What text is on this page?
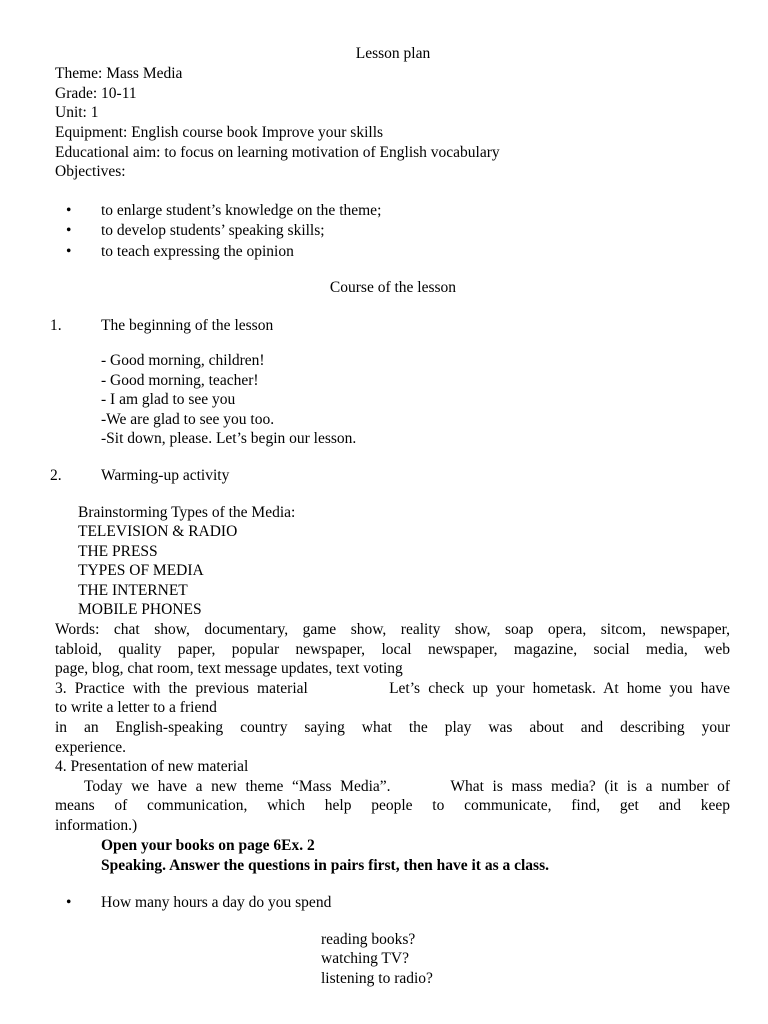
Lesson plan
Theme: Mass Media
Grade: 10-11
Unit: 1
Equipment: English course book Improve your skills
Educational aim: to focus on learning motivation of English vocabulary
Objectives:
• to enlarge student’s knowledge on the theme;
• to develop students’ speaking skills;
• to teach expressing the opinion
Course of the lesson
1.	The beginning of the lesson
- Good morning, children!
- Good morning, teacher!
- I am glad to see you
-We are glad to see you too.
-Sit down, please. Let’s begin our lesson.
2.	Warming-up activity
Brainstorming Types of the Media:
TELEVISION & RADIO
THE PRESS
TYPES OF MEDIA
THE INTERNET
MOBILE PHONES
Words: chat show, documentary, game show, reality show, soap opera, sitcom, newspaper,
tabloid, quality paper, popular newspaper, local newspaper, magazine, social media, web
page, blog, chat room, text message updates, text voting
3. Practice with the previous material          Let’s check up your hometask. At home you have
to write a letter to a friend
in an English-speaking country saying what the play was about and describing your
experience.
4. Presentation of new material
Today we have a new theme “Mass Media”.       What is mass media? (it is a number of
means of communication, which help people to communicate, find, get and keep
information.)
Open your books on page 6Ex. 2
Speaking. Answer the questions in pairs first, then have it as a class.
• How many hours a day do you spend
reading books?
watching TV?
listening to radio?
